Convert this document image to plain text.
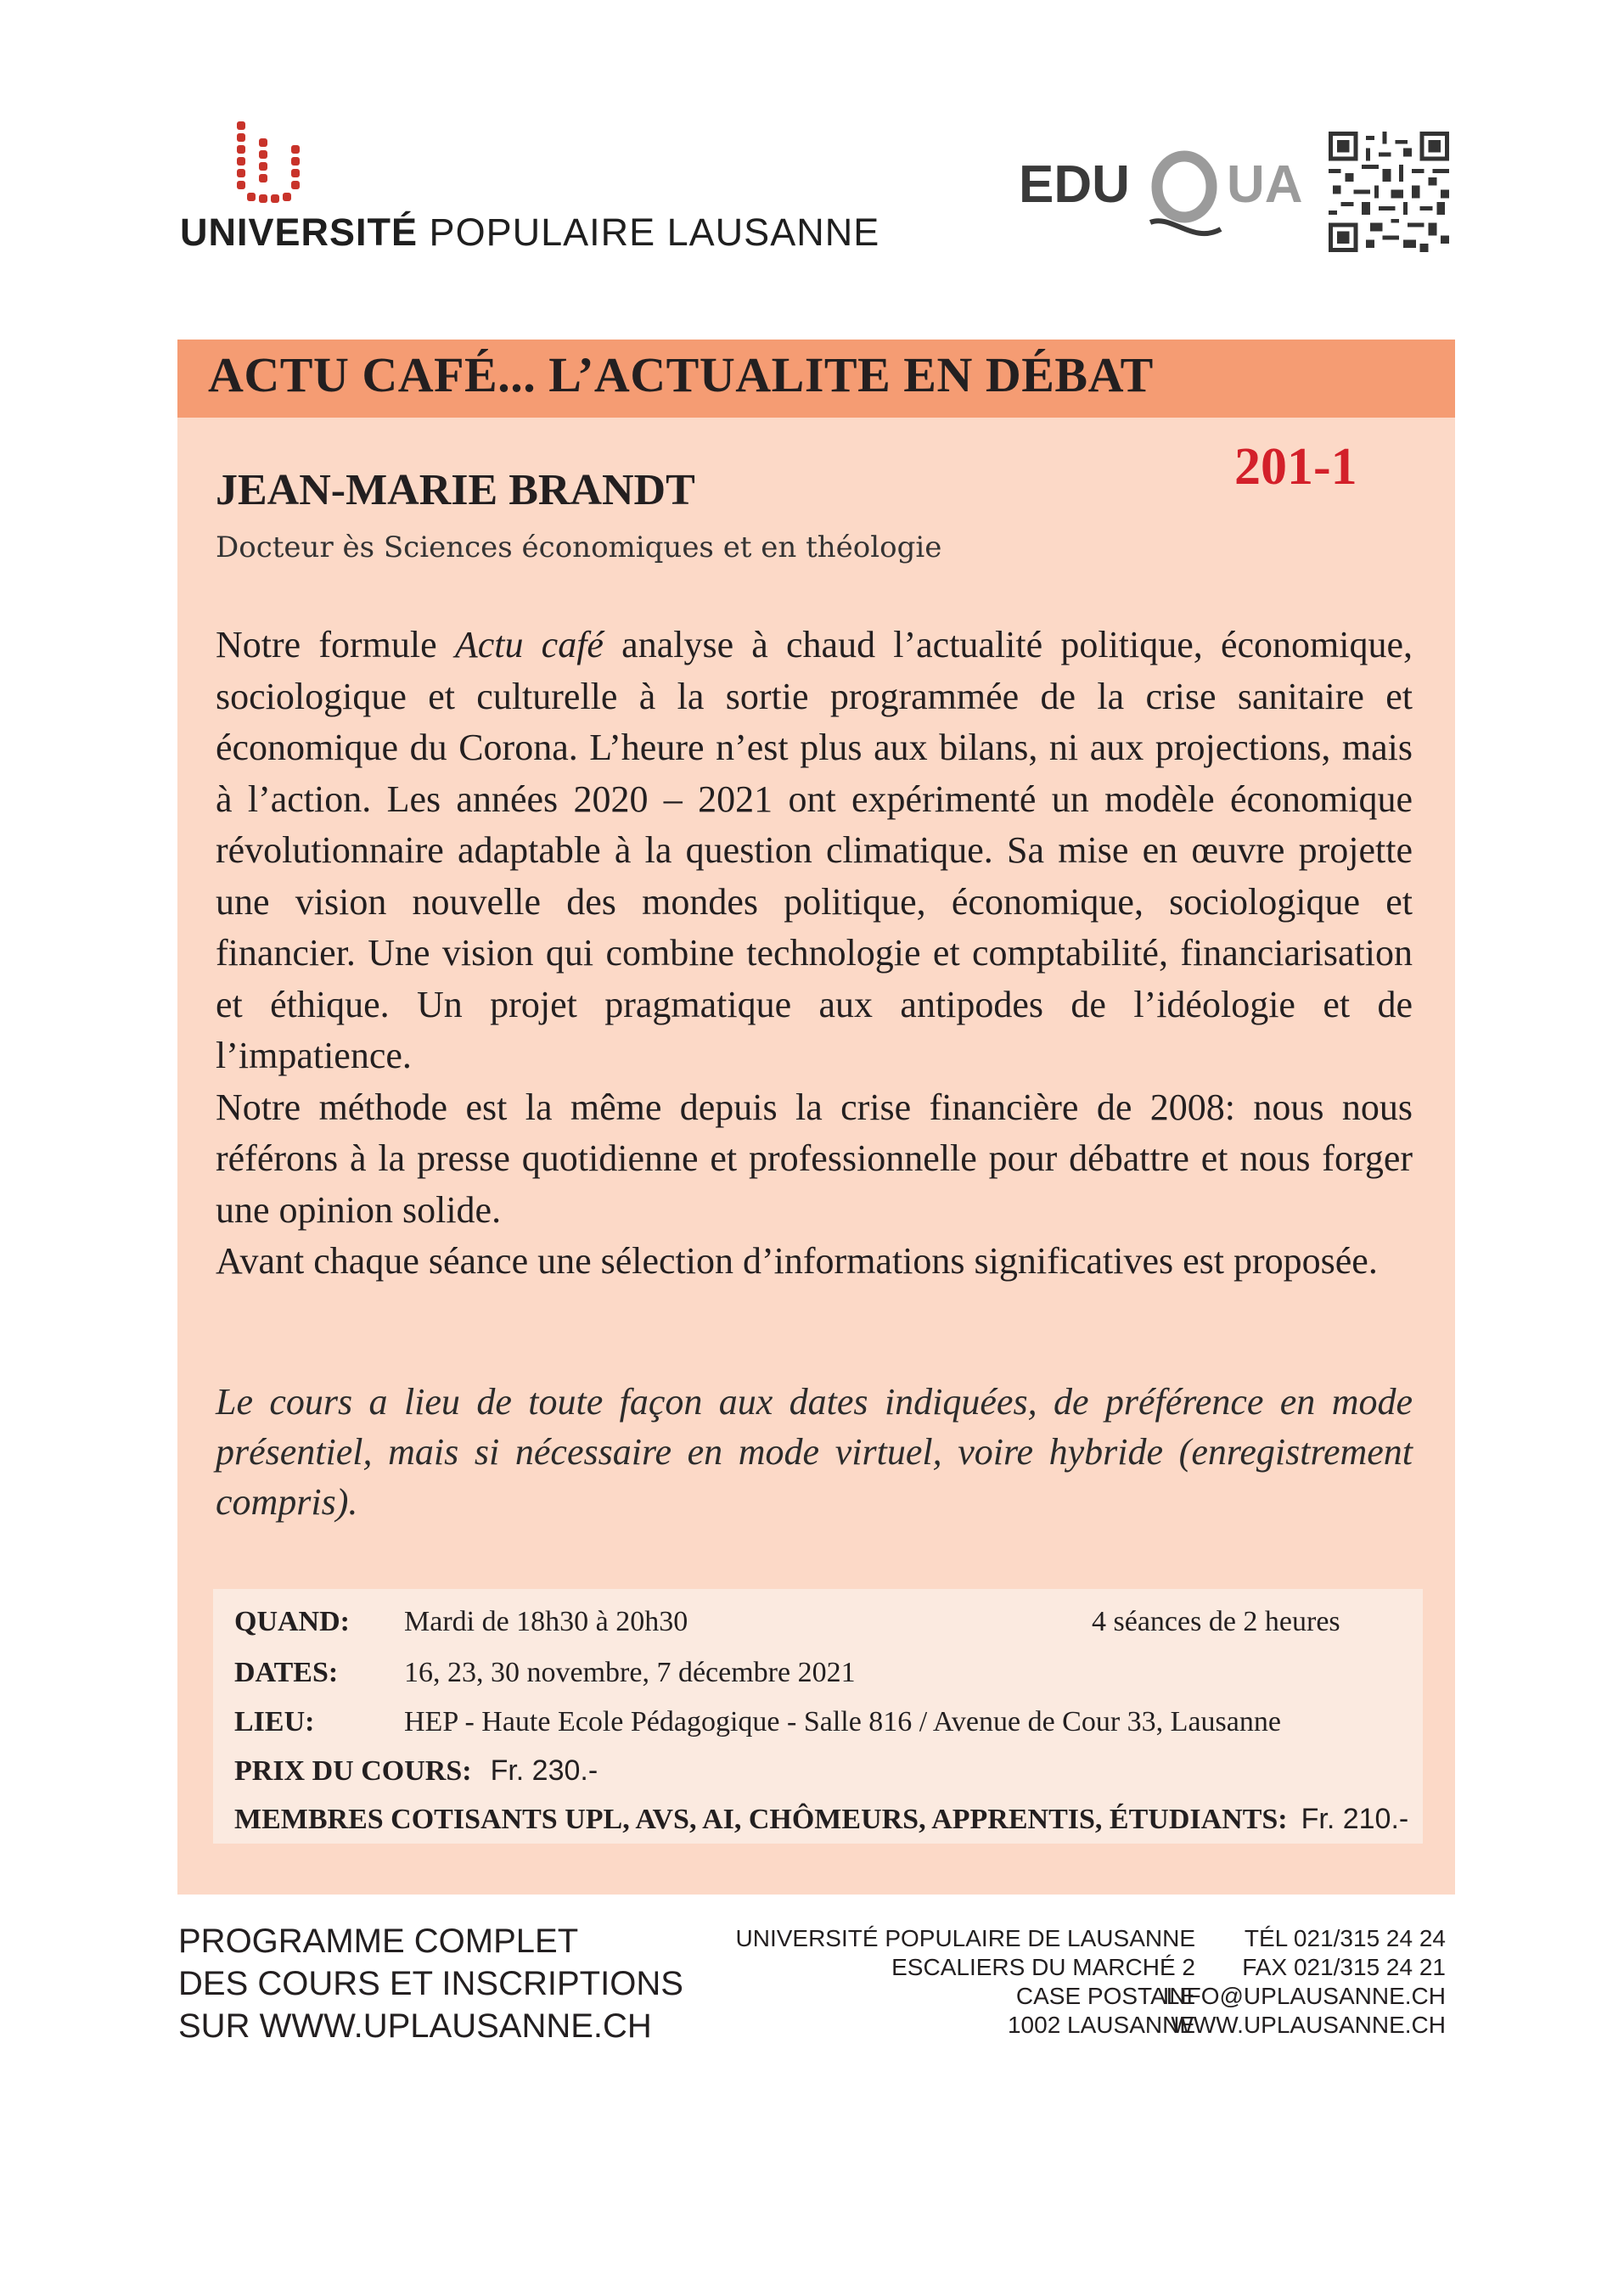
UNIVERSITÉ POPULAIRE LAUSANNE
EDU UA
ACTU CAFÉ... L’ACTUALITE EN DÉBAT
201-1
JEAN-MARIE BRANDT
Docteur ès Sciences économiques et en théologie

Notre formule Actu café analyse à chaud l’actualité politique, économique, sociologique et culturelle à la sortie programmée de la crise sanitaire et économique du Corona. L’heure n’est plus aux bilans, ni aux projections, mais à l’action. Les années 2020 – 2021 ont expérimenté un modèle économique révolutionnaire adaptable à la question climatique. Sa mise en œuvre projette une vision nouvelle des mondes politique, économique, sociologique et financier. Une vision qui combine technologie et comptabilité, financiarisation et éthique. Un projet pragmatique aux antipodes de l’idéologie et de l’impatience.

Notre méthode est la même depuis la crise financière de 2008: nous nous référons à la presse quotidienne et professionnelle pour débattre et nous forger une opinion solide.

Avant chaque séance une sélection d’informations significatives est proposée.

Le cours a lieu de toute façon aux dates indiquées, de préférence en mode présentiel, mais si nécessaire en mode virtuel, voire hybride (enregistrement compris).
QUAND: Mardi de 18h30 à 20h30	4 séances de 2 heures
DATES: 16, 23, 30 novembre, 7 décembre 2021
LIEU:	HEP - Haute Ecole Pédagogique - Salle 816 / Avenue de Cour 33, Lausanne
PRIX DU COURS: Fr. 230.-
MEMBRES COTISANTS UPL, AVS, AI, CHÔMEURS, APPRENTIS, ÉTUDIANTS: Fr. 210.-
PROGRAMME COMPLET
DES COURS ET INSCRIPTIONS
SUR WWW.UPLAUSANNE.CH
UNIVERSITÉ POPULAIRE DE LAUSANNE
ESCALIERS DU MARCHÉ 2
CASE POSTALE
1002 LAUSANNE
TÉL 021/315 24 24
FAX 021/315 24 21
INFO@UPLAUSANNE.CH
WWW.UPLAUSANNE.CH
